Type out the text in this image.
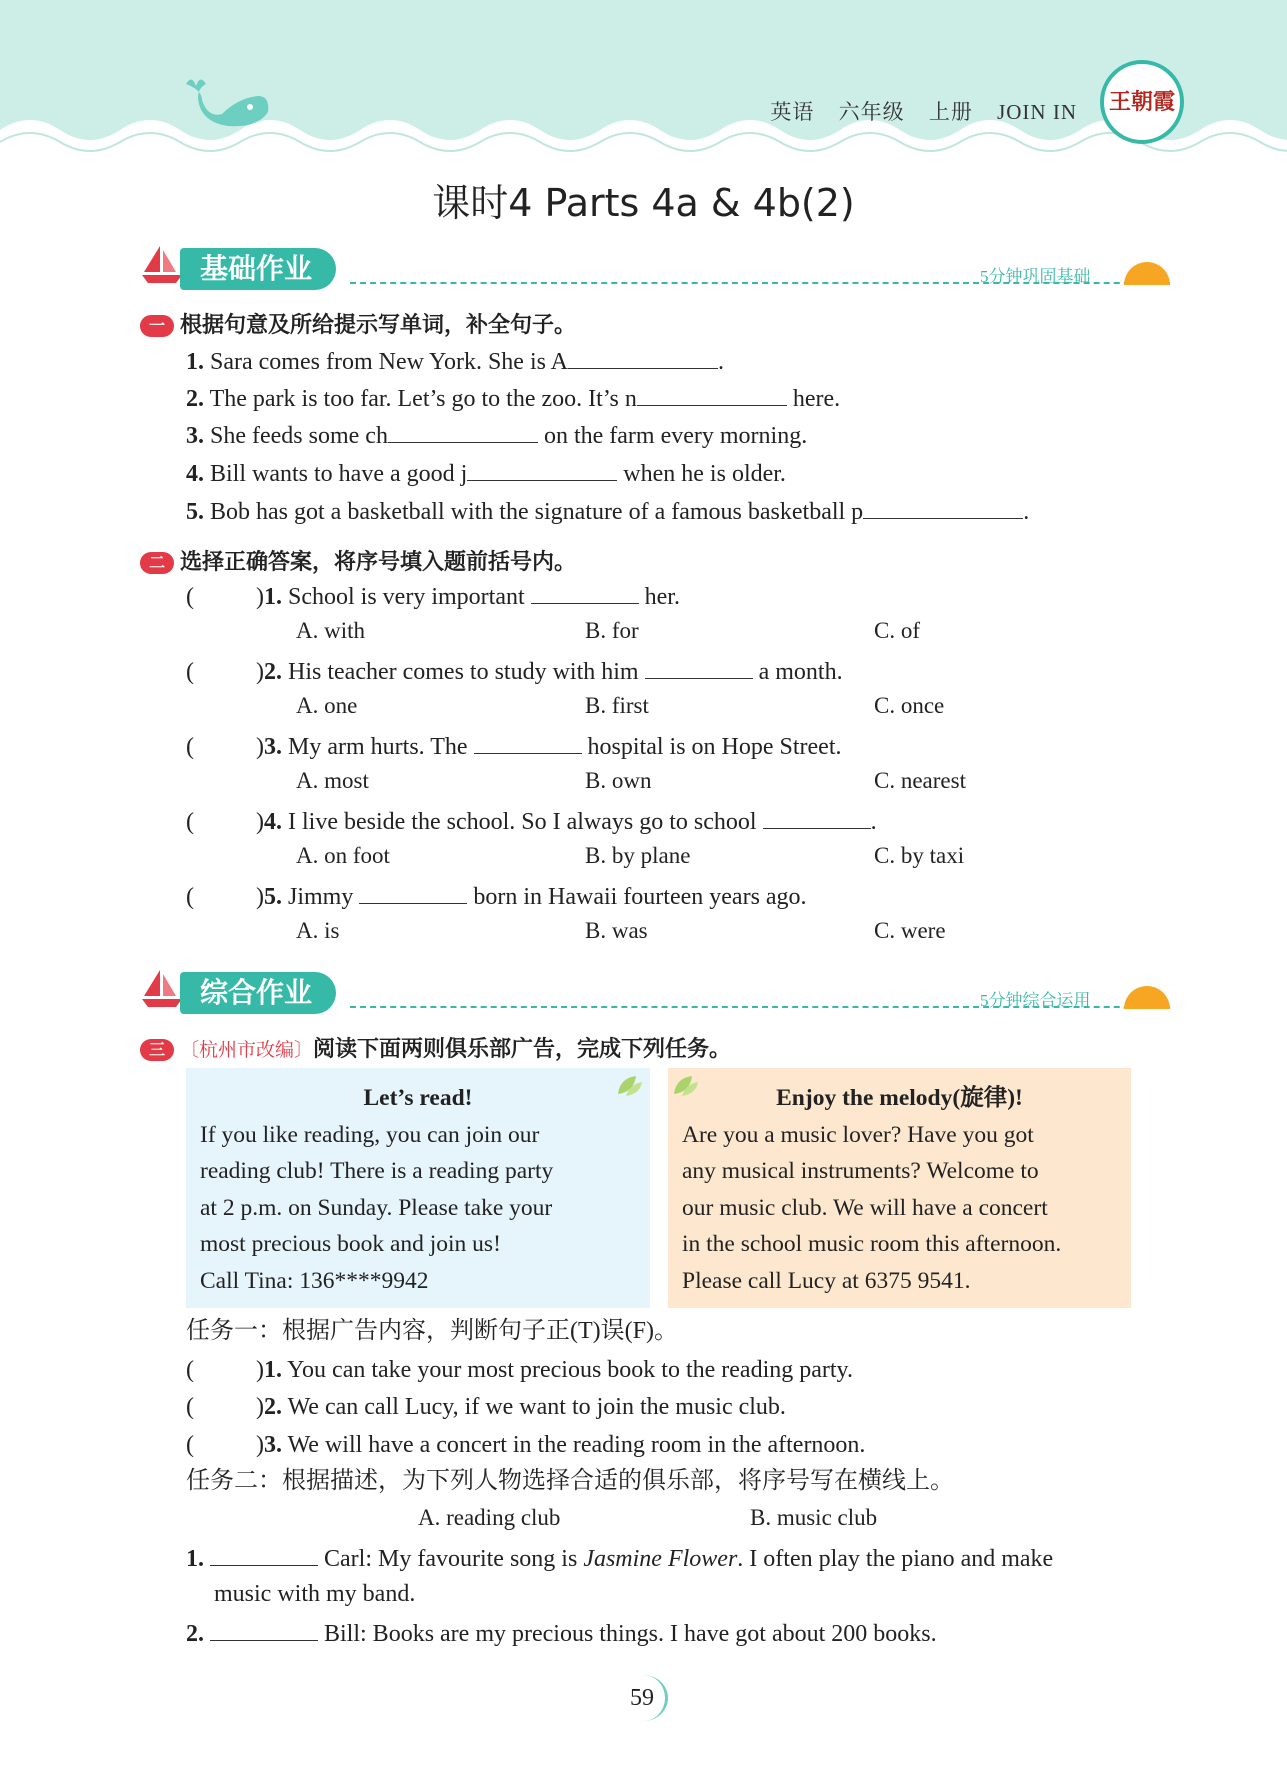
英语 六年级 上册 JOIN IN	王朝霞
课时4 Parts 4a & 4b(2)
基础作业	5分钟巩固基础
一 根据句意及所给提示写单词，补全句子。
1. Sara comes from New York. She is A	.
2. The park is too far. Let’s go to the zoo. It’s n	here.
3. She feeds some ch	on the farm every morning.
4. Bill wants to have a good j	when he is older.
5. Bob has got a basketball with the signature of a famous basketball p	.
二 选择正确答案，将序号填入题前括号内。
(	)1. School is very important	her.
A. with	B. for	C. of
(	)2. His teacher comes to study with him	a month.
A. one	B. first	C. once
(	)3. My arm hurts. The	hospital is on Hope Street.
A. most	B. own	C. nearest
(	)4. I live beside the school. So I always go to school	.
A. on foot	B. by plane	C. by taxi
(	)5. Jimmy	born in Hawaii fourteen years ago.
A. is	B. was	C. were
综合作业	5分钟综合运用
三 〔杭州市改编〕阅读下面两则俱乐部广告，完成下列任务。
Let’s read!
If you like reading, you can join our
reading club! There is a reading party
at 2 p.m. on Sunday. Please take your
most precious book and join us!
Call Tina: 136****9942
Enjoy the melody(旋律)!
Are you a music lover? Have you got
any musical instruments? Welcome to
our music club. We will have a concert
in the school music room this afternoon.
Please call Lucy at 6375 9541.
任务一：根据广告内容，判断句子正(T)误(F)。
(	)1. You can take your most precious book to the reading party.
(	)2. We can call Lucy, if we want to join the music club.
(	)3. We will have a concert in the reading room in the afternoon.
任务二：根据描述，为下列人物选择合适的俱乐部，将序号写在横线上。
A. reading club	B. music club
1.	Carl: My favourite song is Jasmine Flower. I often play the piano and make
music with my band.
2.	Bill: Books are my precious things. I have got about 200 books.
59
